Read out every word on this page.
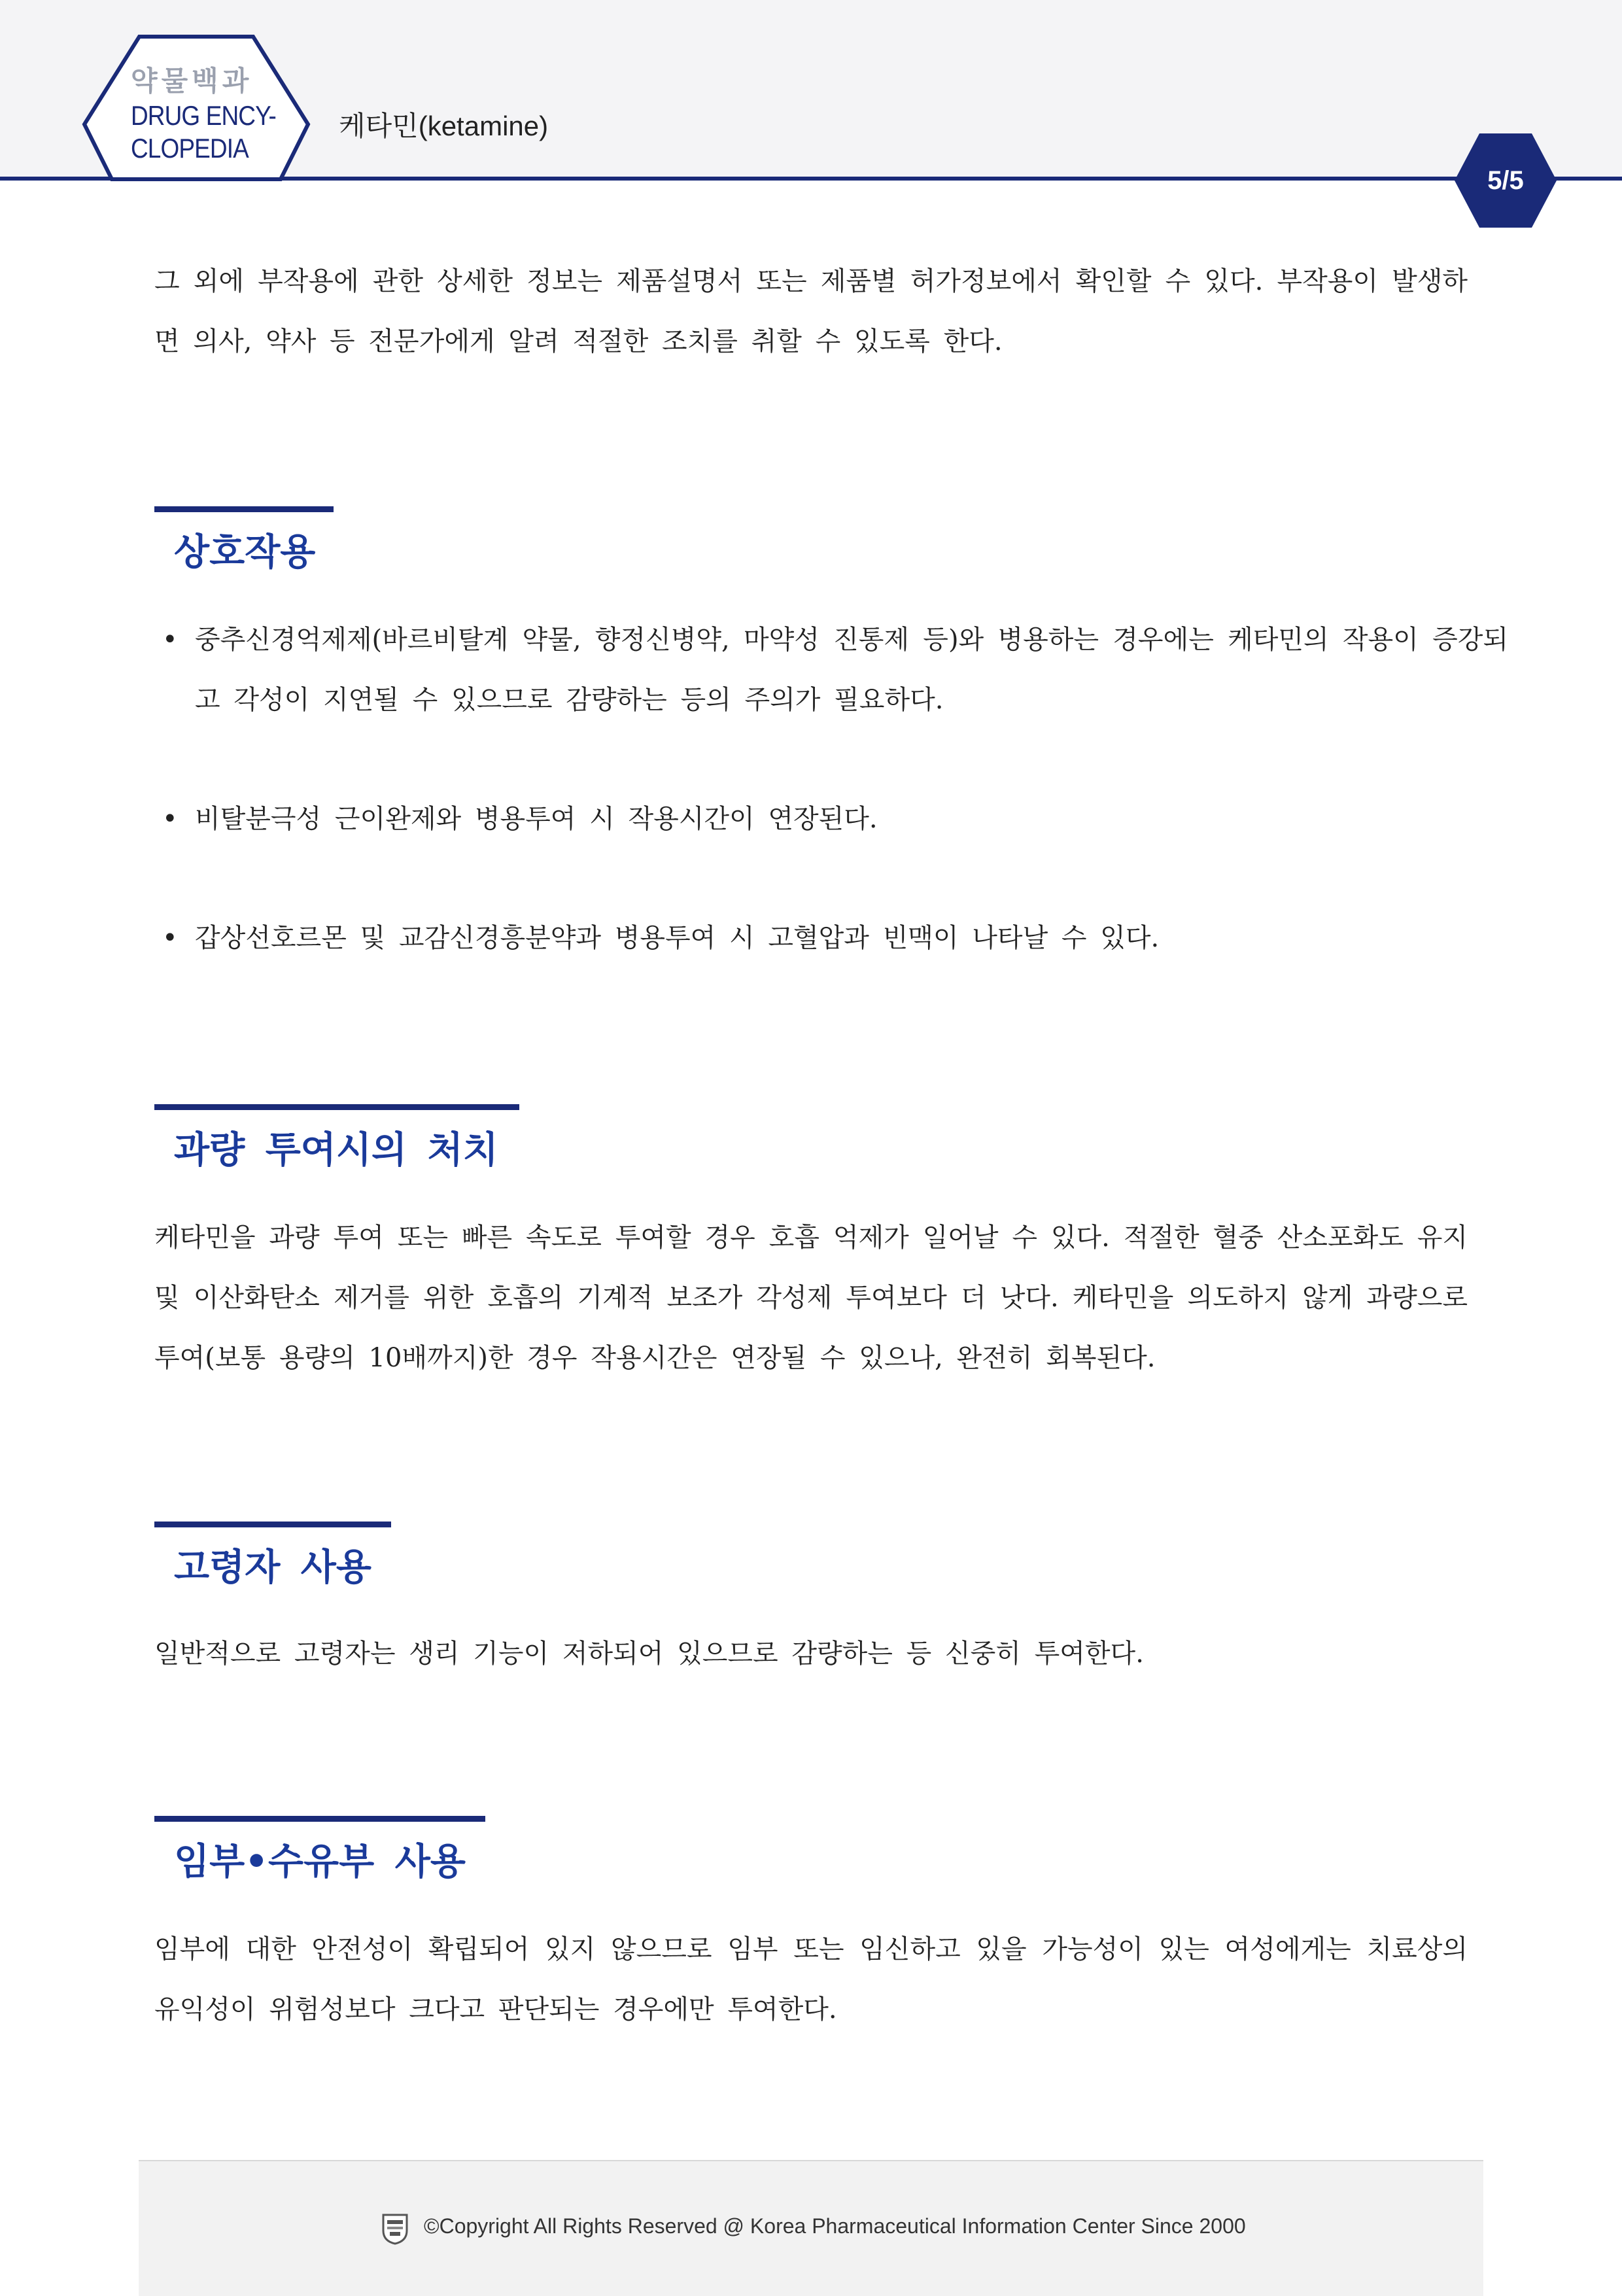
약물백과
DRUG ENCY-
CLOPEDIA
케타민(ketamine)
5/5

그 외에 부작용에 관한 상세한 정보는 제품설명서 또는 제품별 허가정보에서 확인할 수 있다. 부작용이 발생하면 의사, 약사 등 전문가에게 알려 적절한 조치를 취할 수 있도록 한다.

상호작용

• 중추신경억제제(바르비탈계 약물, 향정신병약, 마약성 진통제 등)와 병용하는 경우에는 케타민의 작용이 증강되고 각성이 지연될 수 있으므로 감량하는 등의 주의가 필요하다.

• 비탈분극성 근이완제와 병용투여 시 작용시간이 연장된다.

• 갑상선호르몬 및 교감신경흥분약과 병용투여 시 고혈압과 빈맥이 나타날 수 있다.

과량 투여시의 처치

케타민을 과량 투여 또는 빠른 속도로 투여할 경우 호흡 억제가 일어날 수 있다. 적절한 혈중 산소포화도 유지 및 이산화탄소 제거를 위한 호흡의 기계적 보조가 각성제 투여보다 더 낫다. 케타민을 의도하지 않게 과량으로 투여(보통 용량의 10배까지)한 경우 작용시간은 연장될 수 있으나, 완전히 회복된다.

고령자 사용

일반적으로 고령자는 생리 기능이 저하되어 있으므로 감량하는 등 신중히 투여한다.

임부•수유부 사용

임부에 대한 안전성이 확립되어 있지 않으므로 임부 또는 임신하고 있을 가능성이 있는 여성에게는 치료상의 유익성이 위험성보다 크다고 판단되는 경우에만 투여한다.

©Copyright All Rights Reserved @ Korea Pharmaceutical Information Center Since 2000
